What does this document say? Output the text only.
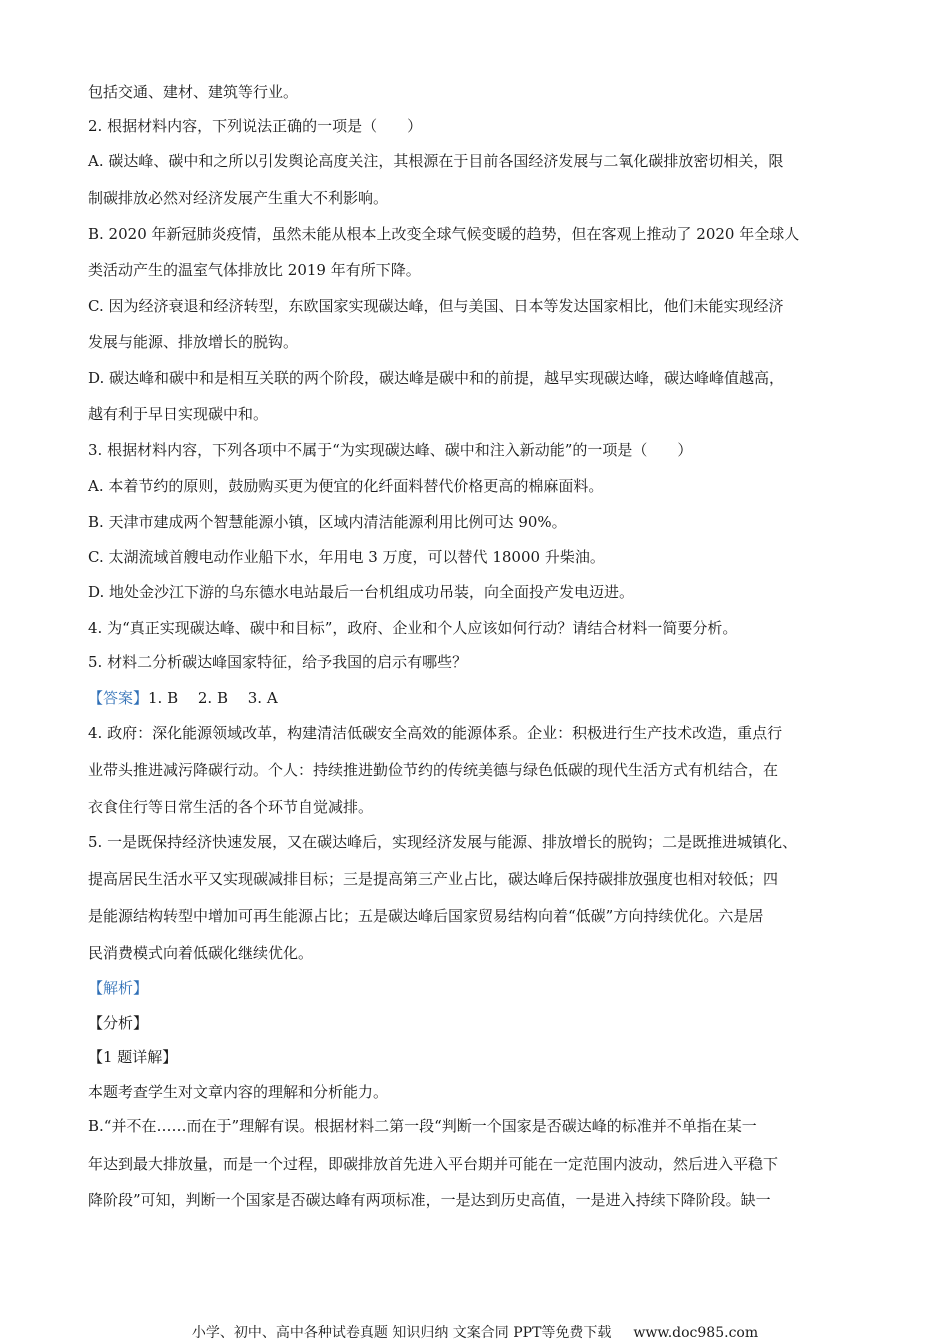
包括交通、建材、建筑等行业。
2. 根据材料内容，下列说法正确的一项是（　　）
A. 碳达峰、碳中和之所以引发舆论高度关注，其根源在于目前各国经济发展与二氧化碳排放密切相关，限
制碳排放必然对经济发展产生重大不利影响。
B. 2020 年新冠肺炎疫情，虽然未能从根本上改变全球气候变暖的趋势，但在客观上推动了 2020 年全球人
类活动产生的温室气体排放比 2019 年有所下降。
C. 因为经济衰退和经济转型，东欧国家实现碳达峰，但与美国、日本等发达国家相比，他们未能实现经济
发展与能源、排放增长的脱钩。
D. 碳达峰和碳中和是相互关联的两个阶段，碳达峰是碳中和的前提，越早实现碳达峰，碳达峰峰值越高，
越有利于早日实现碳中和。
3. 根据材料内容，下列各项中不属于“为实现碳达峰、碳中和注入新动能”的一项是（　　）
A. 本着节约的原则，鼓励购买更为便宜的化纤面料替代价格更高的棉麻面料。
B. 天津市建成两个智慧能源小镇，区域内清洁能源利用比例可达 90%。
C. 太湖流域首艘电动作业船下水，年用电 3 万度，可以替代 18000 升柴油。
D. 地处金沙江下游的乌东德水电站最后一台机组成功吊装，向全面投产发电迈进。
4. 为“真正实现碳达峰、碳中和目标”，政府、企业和个人应该如何行动？请结合材料一简要分析。
5. 材料二分析碳达峰国家特征，给予我国的启示有哪些？
【答案】1. B　 2. B　 3. A
4. 政府：深化能源领域改革，构建清洁低碳安全高效的能源体系。企业：积极进行生产技术改造，重点行
业带头推进减污降碳行动。个人：持续推进勤俭节约的传统美德与绿色低碳的现代生活方式有机结合，在
衣食住行等日常生活的各个环节自觉减排。
5. 一是既保持经济快速发展，又在碳达峰后，实现经济发展与能源、排放增长的脱钩；二是既推进城镇化、
提高居民生活水平又实现碳减排目标；三是提高第三产业占比，碳达峰后保持碳排放强度也相对较低；四
是能源结构转型中增加可再生能源占比；五是碳达峰后国家贸易结构向着“低碳”方向持续优化。六是居
民消费模式向着低碳化继续优化。
【解析】
【分析】
【1 题详解】
本题考查学生对文章内容的理解和分析能力。
B.“并不在……而在于”理解有误。根据材料二第一段“判断一个国家是否碳达峰的标准并不单指在某一
年达到最大排放量，而是一个过程，即碳排放首先进入平台期并可能在一定范围内波动，然后进入平稳下
降阶段”可知，判断一个国家是否碳达峰有两项标准，一是达到历史高值，一是进入持续下降阶段。缺一
小学、初中、高中各种试卷真题 知识归纳 文案合同 PPT等免费下载 www.doc985.com
